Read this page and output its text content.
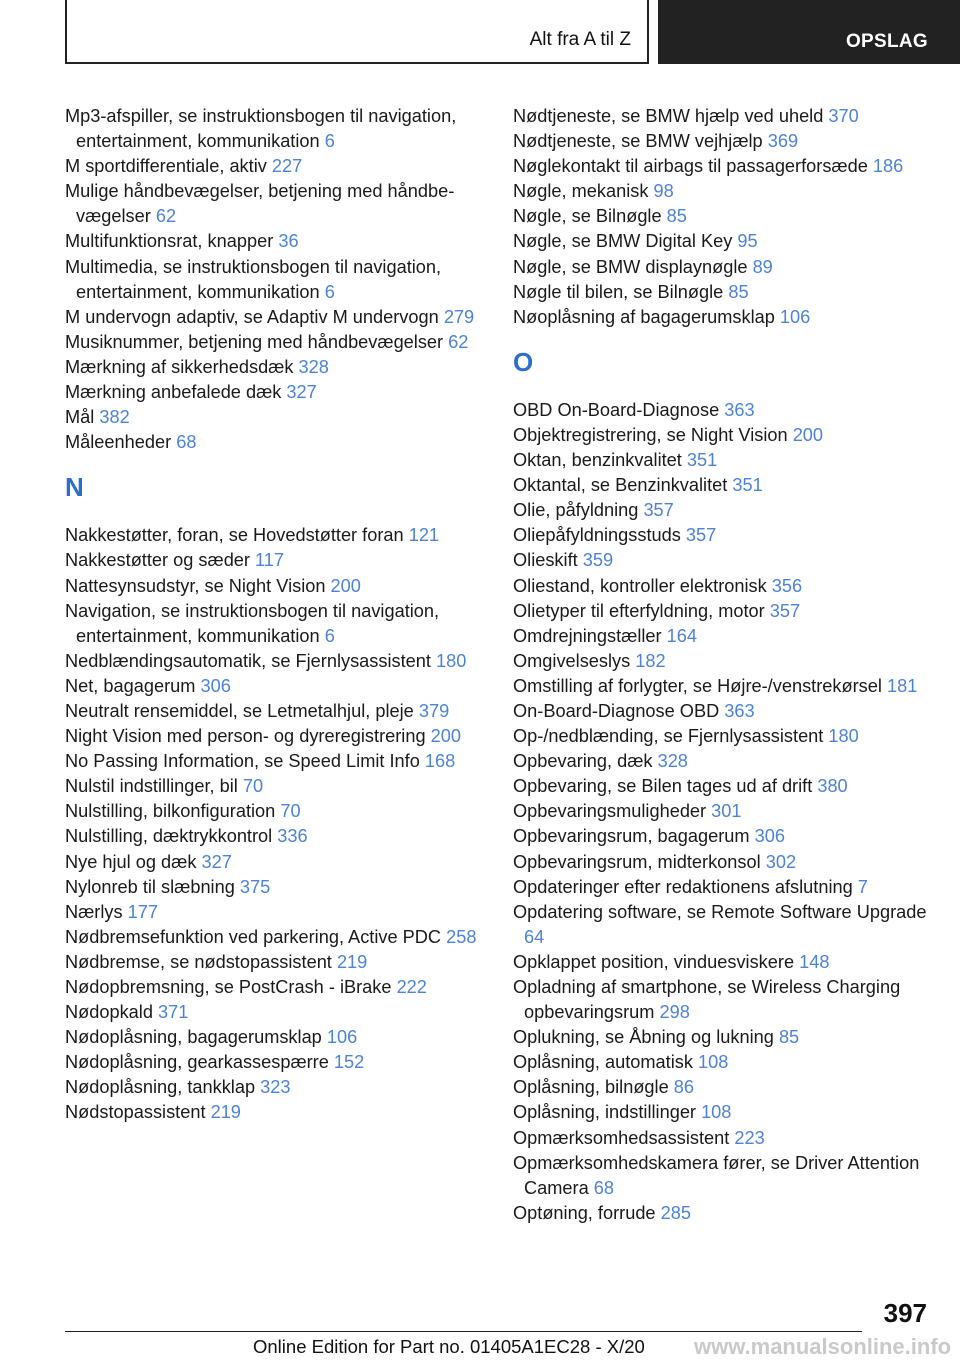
Alt fra A til Z	OPSLAG
Mp3-afspiller, se instruktionsbogen til navigation, entertainment, kommunikation 6
M sportdifferentiale, aktiv 227
Mulige håndbevægelser, betjening med håndbevægelser 62
Multifunktionsrat, knapper 36
Multimedia, se instruktionsbogen til navigation, entertainment, kommunikation 6
M undervogn adaptiv, se Adaptiv M undervogn 279
Musiknummer, betjening med håndbevægelser 62
Mærkning af sikkerhedsdæk 328
Mærkning anbefalede dæk 327
Mål 382
Måleenheder 68
N
Nakkestøtter, foran, se Hovedstøtter foran 121
Nakkestøtter og sæder 117
Nattesynsudstyr, se Night Vision 200
Navigation, se instruktionsbogen til navigation, entertainment, kommunikation 6
Nedblændingsautomatik, se Fjernlysassistent 180
Net, bagagerum 306
Neutralt rensemiddel, se Letmetalhjul, pleje 379
Night Vision med person- og dyreregistrering 200
No Passing Information, se Speed Limit Info 168
Nulstil indstillinger, bil 70
Nulstilling, bilkonfiguration 70
Nulstilling, dæktrykkontrol 336
Nye hjul og dæk 327
Nylonreb til slæbning 375
Nærlys 177
Nødbremsefunktion ved parkering, Active PDC 258
Nødbremse, se nødstopassistent 219
Nødopbremsning, se PostCrash - iBrake 222
Nødopkald 371
Nødoplåsning, bagagerumsklap 106
Nødoplåsning, gearkassespærre 152
Nødoplåsning, tankklap 323
Nødstopassistent 219
Nødtjeneste, se BMW hjælp ved uheld 370
Nødtjeneste, se BMW vejhjælp 369
Nøglekontakt til airbags til passagerforsæde 186
Nøgle, mekanisk 98
Nøgle, se Bilnøgle 85
Nøgle, se BMW Digital Key 95
Nøgle, se BMW displaynøgle 89
Nøgle til bilen, se Bilnøgle 85
Nøoplåsning af bagagerumsklap 106
O
OBD On-Board-Diagnose 363
Objektregistrering, se Night Vision 200
Oktan, benzinkvalitet 351
Oktantal, se Benzinkvalitet 351
Olie, påfyldning 357
Oliepåfyldningsstuds 357
Olieskift 359
Oliestand, kontroller elektronisk 356
Olietyper til efterfyldning, motor 357
Omdrejningstæller 164
Omgivelseslys 182
Omstilling af forlygter, se Højre-/venstrekørsel 181
On-Board-Diagnose OBD 363
Op-/nedblænding, se Fjernlysassistent 180
Opbevaring, dæk 328
Opbevaring, se Bilen tages ud af drift 380
Opbevaringsmuligheder 301
Opbevaringsrum, bagagerum 306
Opbevaringsrum, midterkonsol 302
Opdateringer efter redaktionens afslutning 7
Opdatering software, se Remote Software Upgrade 64
Opklappet position, vinduesviskere 148
Opladning af smartphone, se Wireless Charging opbevaringsrum 298
Oplukning, se Åbning og lukning 85
Oplåsning, automatisk 108
Oplåsning, bilnøgle 86
Oplåsning, indstillinger 108
Opmærksomhedsassistent 223
Opmærksomhedskamera fører, se Driver Attention Camera 68
Optøning, forrude 285
397
Online Edition for Part no. 01405A1EC28 - X/20 www.manualsonline.info
